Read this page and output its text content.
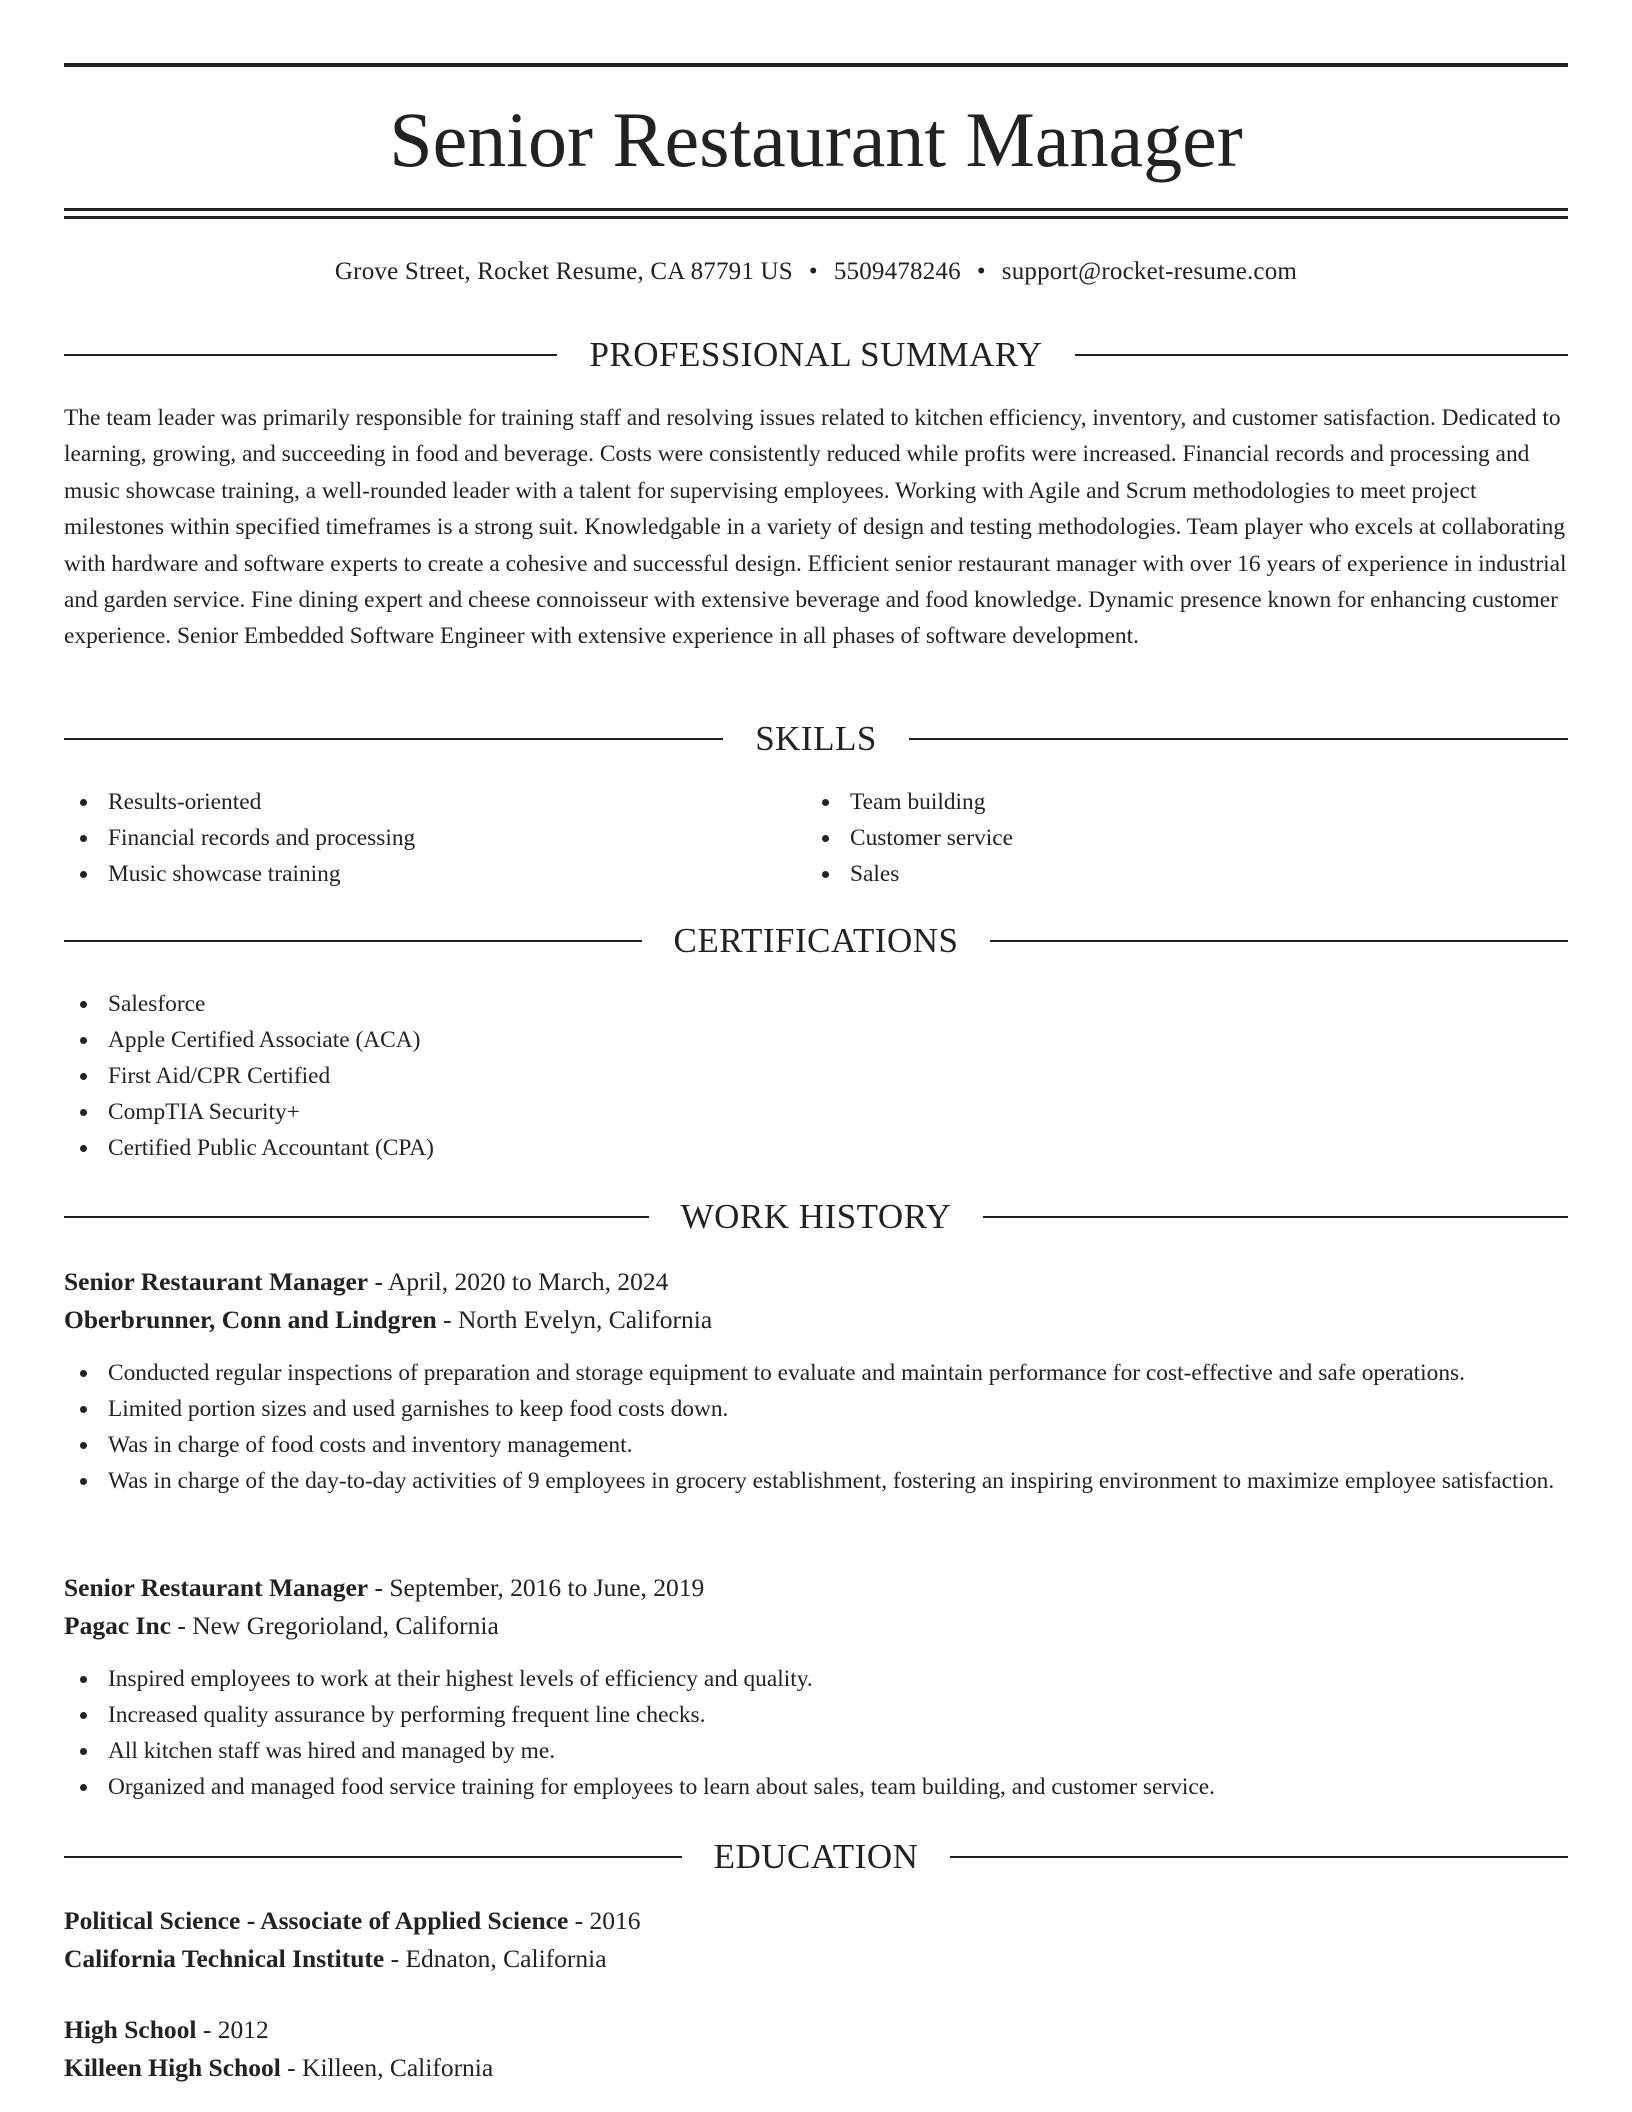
Senior Restaurant Manager
Grove Street, Rocket Resume, CA 87791 US • 5509478246 • support@rocket-resume.com
PROFESSIONAL SUMMARY

The team leader was primarily responsible for training staff and resolving issues related to kitchen efficiency, inventory, and customer satisfaction. Dedicated to learning, growing, and succeeding in food and beverage. Costs were consistently reduced while profits were increased. Financial records and processing and music showcase training, a well-rounded leader with a talent for supervising employees. Working with Agile and Scrum methodologies to meet project milestones within specified timeframes is a strong suit. Knowledgable in a variety of design and testing methodologies. Team player who excels at collaborating with hardware and software experts to create a cohesive and successful design. Efficient senior restaurant manager with over 16 years of experience in industrial and garden service. Fine dining expert and cheese connoisseur with extensive beverage and food knowledge. Dynamic presence known for enhancing customer experience. Senior Embedded Software Engineer with extensive experience in all phases of software development.

SKILLS
Results-oriented
Financial records and processing
Music showcase training
Team building
Customer service
Sales
CERTIFICATIONS
Salesforce
Apple Certified Associate (ACA)
First Aid/CPR Certified
CompTIA Security+
Certified Public Accountant (CPA)
WORK HISTORY
Senior Restaurant Manager - April, 2020 to March, 2024
Oberbrunner, Conn and Lindgren - North Evelyn, California
Conducted regular inspections of preparation and storage equipment to evaluate and maintain performance for cost-effective and safe operations.
Limited portion sizes and used garnishes to keep food costs down.
Was in charge of food costs and inventory management.
Was in charge of the day-to-day activities of 9 employees in grocery establishment, fostering an inspiring environment to maximize employee satisfaction.
Senior Restaurant Manager - September, 2016 to June, 2019
Pagac Inc - New Gregorioland, California
Inspired employees to work at their highest levels of efficiency and quality.
Increased quality assurance by performing frequent line checks.
All kitchen staff was hired and managed by me.
Organized and managed food service training for employees to learn about sales, team building, and customer service.
EDUCATION
Political Science - Associate of Applied Science - 2016
California Technical Institute - Ednaton, California
High School - 2012
Killeen High School - Killeen, California
